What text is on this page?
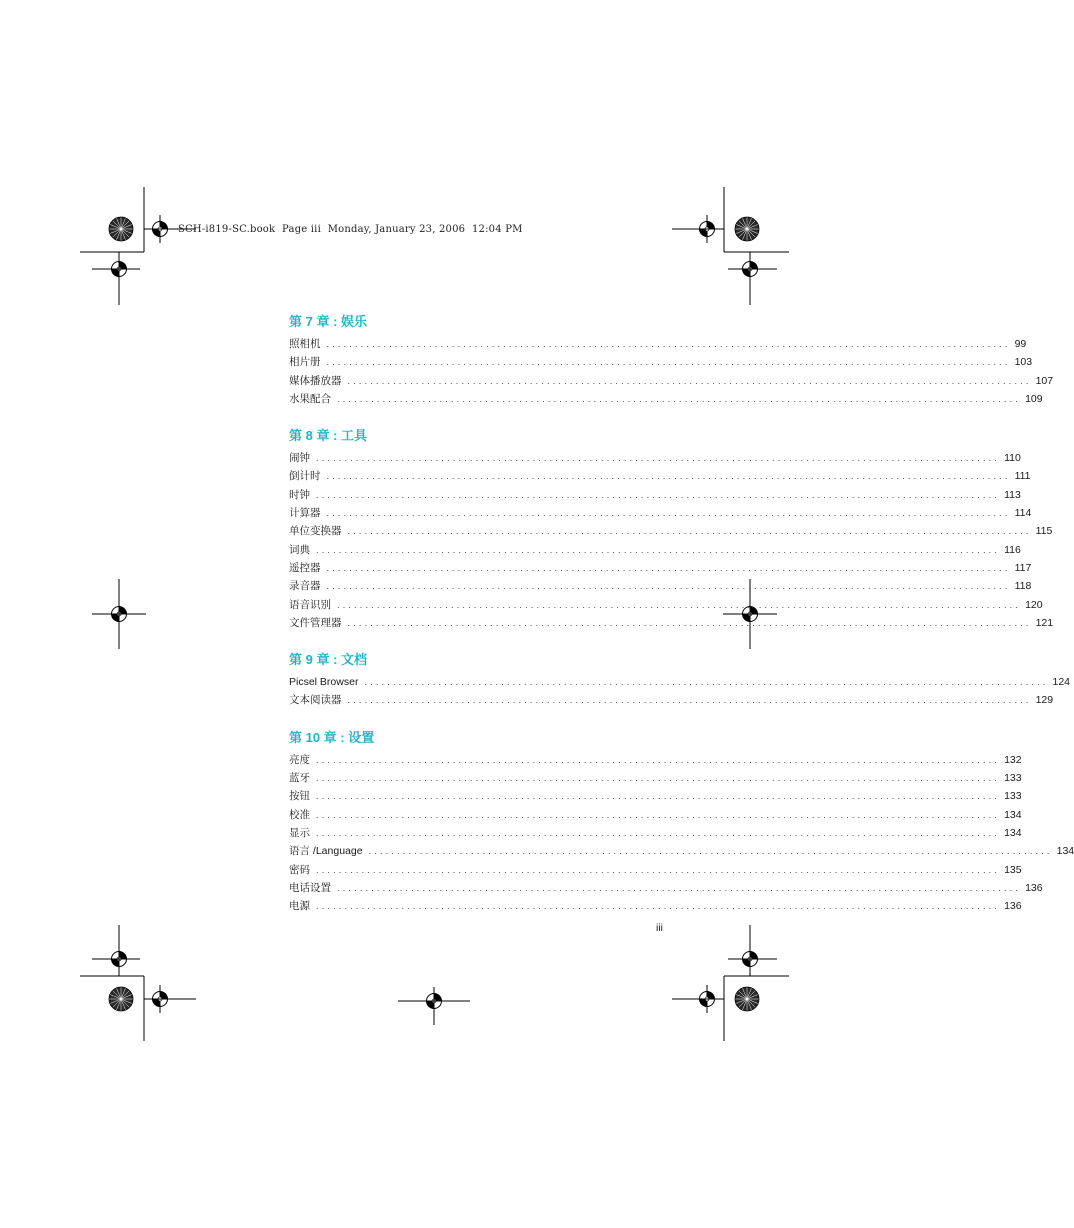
SCH-i819-SC.book  Page iii  Monday, January 23, 2006  12:04 PM
第 7 章 : 娱乐
照相机 ........................................................................................................................ 99
相片册 ........................................................................................................................ 103
媒体播放器 ........................................................................................................................ 107
水果配合 ........................................................................................................................ 109
第 8 章 : 工具
闹钟 ........................................................................................................................ 110
倒计时 ........................................................................................................................ 111
时钟 ........................................................................................................................ 113
计算器 ........................................................................................................................ 114
单位变换器 ........................................................................................................................ 115
词典 ........................................................................................................................ 116
遥控器 ........................................................................................................................ 117
录音器 ........................................................................................................................ 118
语音识别 ........................................................................................................................ 120
文件管理器 ........................................................................................................................ 121
第 9 章 : 文档
Picsel Browser ........................................................................................................................ 124
文本阅读器 ........................................................................................................................ 129
第 10 章 : 设置
亮度 ........................................................................................................................ 132
蓝牙 ........................................................................................................................ 133
按钮 ........................................................................................................................ 133
校准 ........................................................................................................................ 134
显示 ........................................................................................................................ 134
语言 /Language ........................................................................................................................ 134
密码 ........................................................................................................................ 135
电话设置 ........................................................................................................................ 136
电源 ........................................................................................................................ 136
iii
